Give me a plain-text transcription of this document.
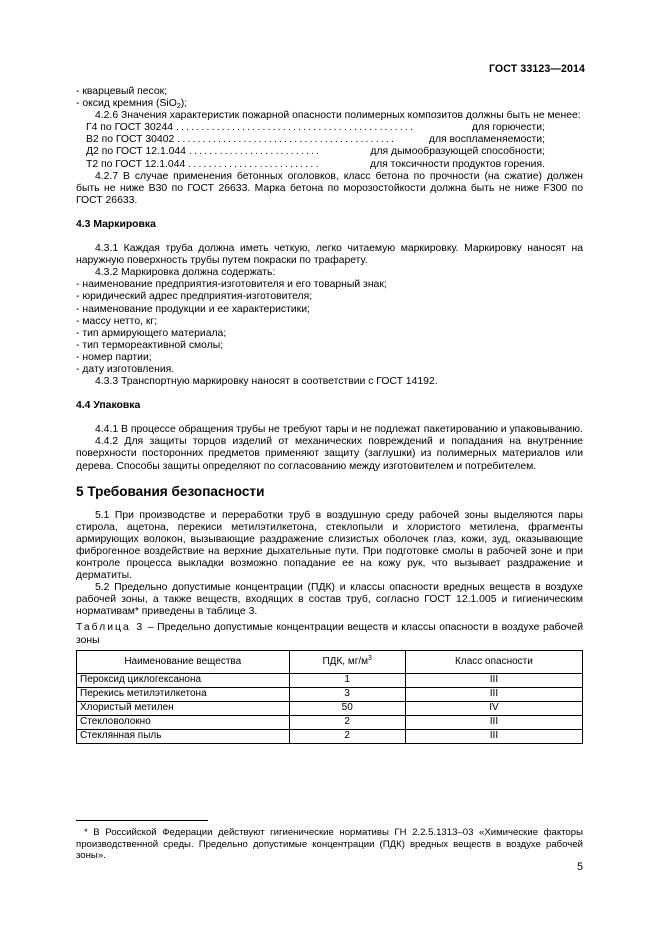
ГОСТ 33123—2014

- кварцевый песок;

- оксид кремния (SiO$_2$);

4.2.6 Значения характеристик пожарной опасности полимерных композитов должны быть не менее:

Г4 по ГОСТ 30244 ...............................................	для горючести;
В2 по ГОСТ 30402 ...........................................	для воспламеняемости;
Д2 по ГОСТ 12.1.044 ..........................	для дымообразующей способности;
Т2 по ГОСТ 12.1.044 ..........................	для токсичности продуктов горения.

4.2.7 В случае применения бетонных оголовков, класс бетона по прочности (на сжатие) должен быть не ниже В30 по ГОСТ 26633. Марка бетона по морозостойкости должна быть не ниже F300 по ГОСТ 26633.

4.3 Маркировка

4.3.1 Каждая труба должна иметь четкую, легко читаемую маркировку. Маркировку наносят на наружную поверхность трубы путем покраски по трафарету.

4.3.2 Маркировка должна содержать:

- наименование предприятия-изготовителя и его товарный знак;

- юридический адрес предприятия-изготовителя;

- наименование продукции и ее характеристики;

- массу нетто, кг;

- тип армирующего материала;

- тип термореактивной смолы;

- номер партии;

- дату изготовления.

4.3.3 Транспортную маркировку наносят в соответствии с ГОСТ 14192.

4.4 Упаковка

4.4.1 В процессе обращения трубы не требуют тары и не подлежат пакетированию и упаковыванию.

4.4.2 Для защиты торцов изделий от механических повреждений и попадания на внутренние поверхности посторонних предметов применяют защиту (заглушки) из полимерных материалов или дерева. Способы защиты определяют по согласованию между изготовителем и потребителем.

5 Требования безопасности

5.1 При производстве и переработки труб в воздушную среду рабочей зоны выделяются пары стирола, ацетона, перекиси метилэтилкетона, стеклопыли и хлористого метилена, фрагменты армирующих волокон, вызывающие раздражение слизистых оболочек глаз, кожи, зуд, оказывающие фиброгенное воздействие на верхние дыхательные пути. При подготовке смолы в рабочей зоне и при контроле процесса выкладки возможно попадание ее на кожу рук, что вызывает раздражение и дерматиты.

5.2 Предельно допустимые концентрации (ПДК) и классы опасности вредных веществ в воздухе рабочей зоны, а также веществ, входящих в состав труб, согласно ГОСТ 12.1.005 и гигиеническим нормативам* приведены в таблице 3.

Таблица 3 – Предельно допустимые концентрации веществ и классы опасности в воздухе рабочей зоны

Наименование вещества	ПДК, $мг/м^3$	Класс опасности
Пероксид циклогексанона	1	III
Перекись метилэтилкетона	3	III
Хлористый метилен	50	IV
Стекловолокно	2	III
Стеклянная пыль	2	III
* В Российской Федерации действуют гигиенические нормативы ГН 2.2.5.1313–03 «Химические факторы производственной среды. Предельно допустимые концентрации (ПДК) вредных веществ в воздухе рабочей зоны».
5
